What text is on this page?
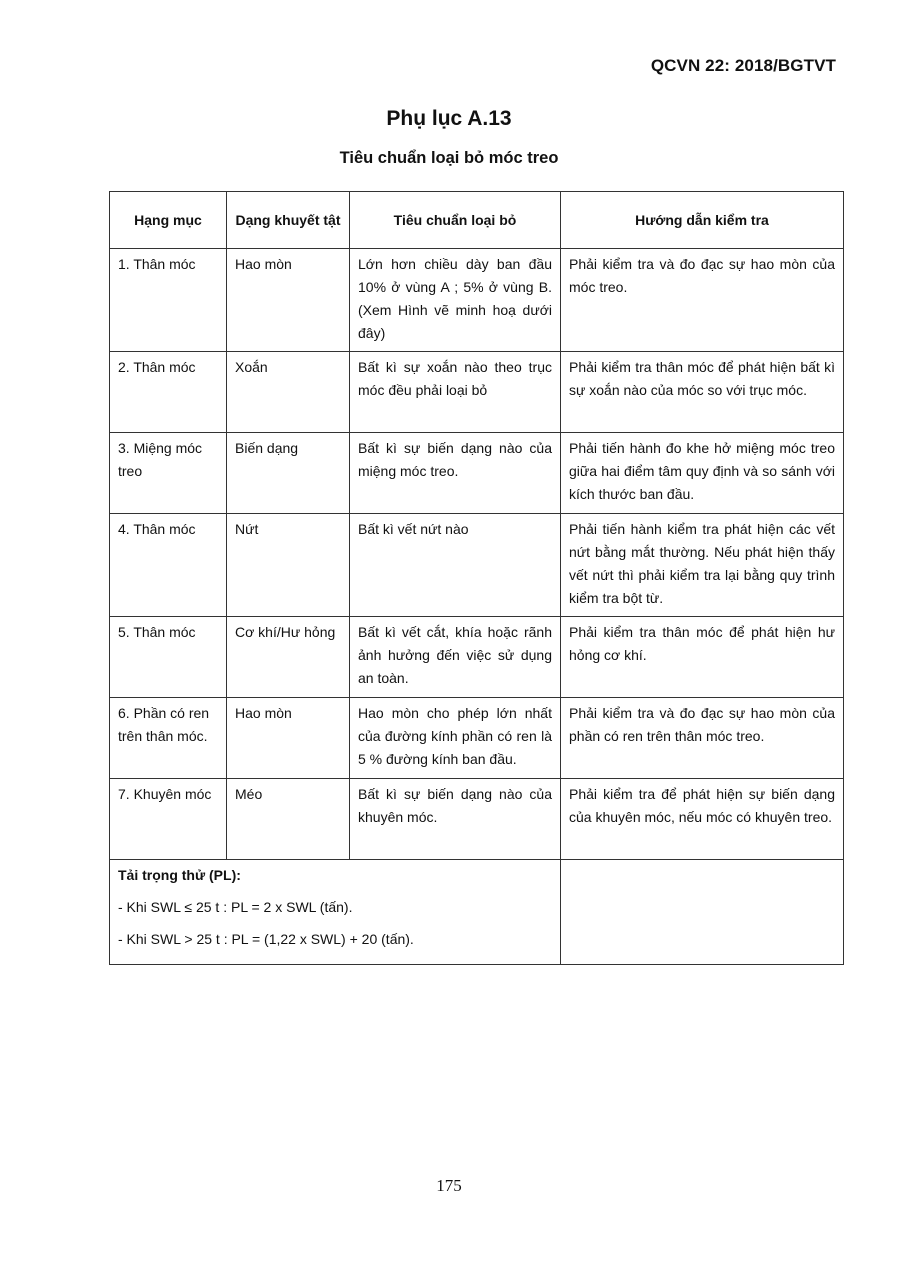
QCVN 22: 2018/BGTVT
Phụ lục A.13
Tiêu chuẩn loại bỏ móc treo
Hạng mục	Dạng khuyết tật	Tiêu chuẩn loại bỏ	Hướng dẫn kiểm tra
1. Thân móc	Hao mòn	Lớn hơn chiều dày ban đầu 10% ở vùng A ; 5% ở vùng B. (Xem Hình vẽ minh hoạ dưới đây)	Phải kiểm tra và đo đạc sự hao mòn của móc treo.
2. Thân móc	Xoắn	Bất kì sự xoắn nào theo trục móc đều phải loại bỏ	Phải kiểm tra thân móc để phát hiện bất kì sự xoắn nào của móc so với trục móc.
3. Miệng móc treo	Biến dạng	Bất kì sự biến dạng nào của miệng móc treo.	Phải tiến hành đo khe hở miệng móc treo giữa hai điểm tâm quy định và so sánh với kích thước ban đầu.
4. Thân móc	Nứt	Bất kì vết nứt nào	Phải tiến hành kiểm tra phát hiện các vết nứt bằng mắt thường. Nếu phát hiện thấy vết nứt thì phải kiểm tra lại bằng quy trình kiểm tra bột từ.
5. Thân móc	Cơ khí/Hư hỏng	Bất kì vết cắt, khía hoặc rãnh ảnh hưởng đến việc sử dụng an toàn.	Phải kiểm tra thân móc để phát hiện hư hỏng cơ khí.
6. Phần có ren trên thân móc.	Hao mòn	Hao mòn cho phép lớn nhất của đường kính phần có ren là 5 % đường kính ban đầu.	Phải kiểm tra và đo đạc sự hao mòn của phần có ren trên thân móc treo.
7. Khuyên móc	Méo	Bất kì sự biến dạng nào của khuyên móc.	Phải kiểm tra để phát hiện sự biến dạng của khuyên móc, nếu móc có khuyên treo.

Tải trọng thử (PL):
- Khi SWL ≤ 25 t : PL = 2 x SWL (tấn).
- Khi SWL > 25 t : PL = (1,22 x SWL) + 20 (tấn).			

175
